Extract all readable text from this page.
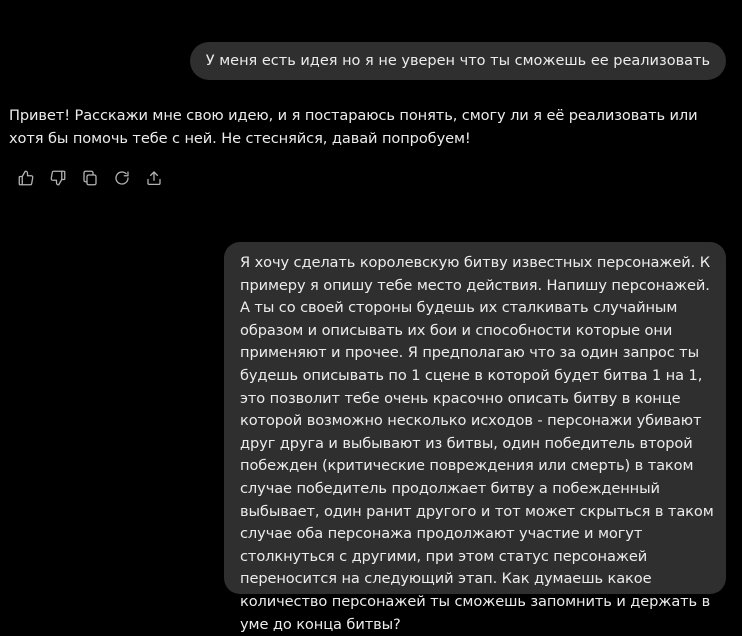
У меня есть идея но я не уверен что ты сможешь ее реализовать
Привет! Расскажи мне свою идею, и я постараюсь понять, смогу ли я её реализовать или хотя бы помочь тебе с ней. Не стесняйся, давай попробуем!
Я хочу сделать королевскую битву известных персонажей. К примеру я опишу тебе место действия. Напишу персонажей. А ты со своей стороны будешь их сталкивать случайным образом и описывать их бои и способности которые они применяют и прочее. Я предполагаю что за один запрос ты будешь описывать по 1 сцене в которой будет битва 1 на 1, это позволит тебе очень красочно описать битву в конце которой возможно несколько исходов - персонажи убивают друг друга и выбывают из битвы, один победитель второй побежден (критические повреждения или смерть) в таком случае победитель продолжает битву а побежденный выбывает, один ранит другого и тот может скрыться в таком случае оба персонажа продолжают участие и могут столкнуться с другими, при этом статус персонажей переносится на следующий этап. Как думаешь какое количество персонажей ты сможешь запомнить и держать в уме до конца битвы?
